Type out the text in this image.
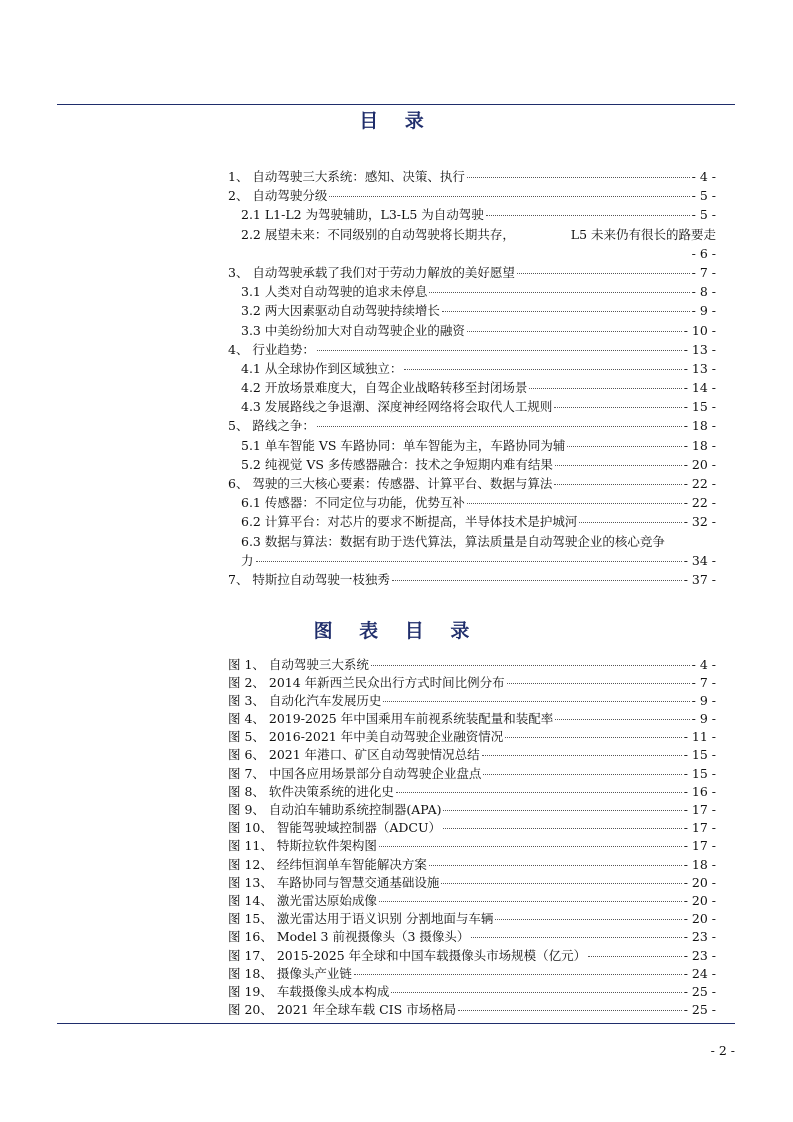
目 录
1、 自动驾驶三大系统：感知、决策、执行	- 4 -
2、 自动驾驶分级	- 5 -
2.1 L1-L2 为驾驶辅助，L3-L5 为自动驾驶	- 5 -
2.2 展望未来：不同级别的自动驾驶将长期共存，	L5 未来仍有很长的路要走
- 6 -
3、 自动驾驶承载了我们对于劳动力解放的美好愿望	- 7 -
3.1 人类对自动驾驶的追求未停息	- 8 -
3.2 两大因素驱动自动驾驶持续增长	- 9 -
3.3 中美纷纷加大对自动驾驶企业的融资	- 10 -
4、 行业趋势：	- 13 -
4.1 从全球协作到区域独立：	- 13 -
4.2 开放场景难度大，自驾企业战略转移至封闭场景	- 14 -
4.3 发展路线之争退潮、深度神经网络将会取代人工规则	- 15 -
5、 路线之争：	- 18 -
5.1 单车智能 VS 车路协同：单车智能为主，车路协同为辅	- 18 -
5.2 纯视觉 VS 多传感器融合：技术之争短期内难有结果	- 20 -
6、 驾驶的三大核心要素：传感器、计算平台、数据与算法	- 22 -
6.1 传感器：不同定位与功能，优势互补	- 22 -
6.2 计算平台：对芯片的要求不断提高，半导体技术是护城河	- 32 -
6.3 数据与算法：数据有助于迭代算法，算法质量是自动驾驶企业的核心竞争
力	- 34 -
7、 特斯拉自动驾驶一枝独秀	- 37 -
图 表 目 录
图 1、 自动驾驶三大系统	- 4 -
图 2、 2014 年新西兰民众出行方式时间比例分布	- 7 -
图 3、 自动化汽车发展历史	- 9 -
图 4、 2019-2025 年中国乘用车前视系统装配量和装配率	- 9 -
图 5、 2016-2021 年中美自动驾驶企业融资情况	- 11 -
图 6、 2021 年港口、矿区自动驾驶情况总结	- 15 -
图 7、 中国各应用场景部分自动驾驶企业盘点	- 15 -
图 8、 软件决策系统的进化史	- 16 -
图 9、 自动泊车辅助系统控制器(APA)	- 17 -
图 10、 智能驾驶域控制器（ADCU）	- 17 -
图 11、 特斯拉软件架构图	- 17 -
图 12、 经纬恒润单车智能解决方案	- 18 -
图 13、 车路协同与智慧交通基础设施	- 20 -
图 14、 激光雷达原始成像	- 20 -
图 15、 激光雷达用于语义识别 分割地面与车辆	- 20 -
图 16、 Model 3 前视摄像头（3 摄像头）	- 23 -
图 17、 2015-2025 年全球和中国车载摄像头市场规模（亿元）	- 23 -
图 18、 摄像头产业链	- 24 -
图 19、 车载摄像头成本构成	- 25 -
图 20、 2021 年全球车载 CIS 市场格局	- 25 -
- 2 -
